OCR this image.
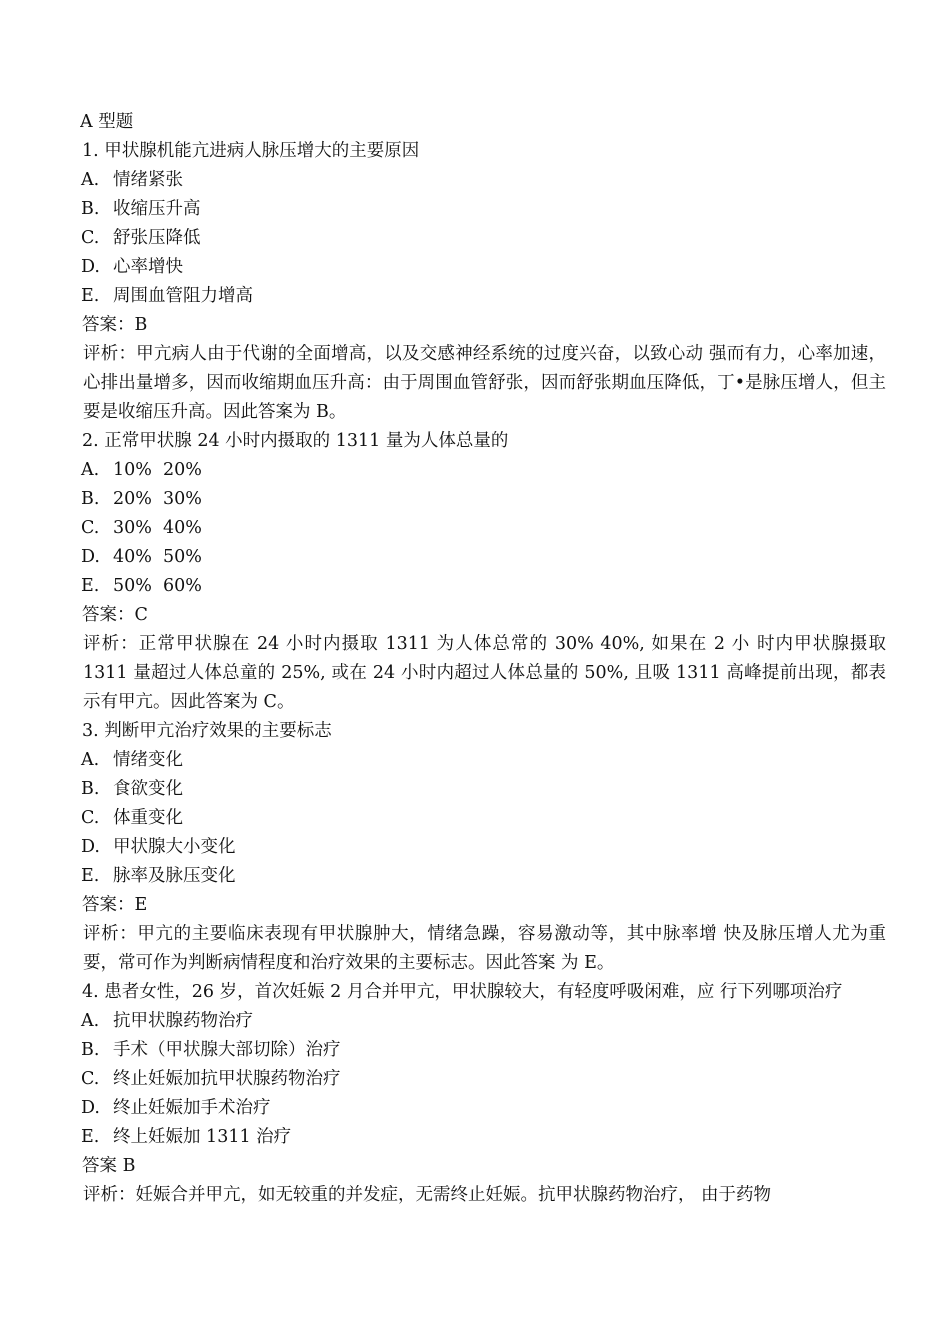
A 型题
1. 甲状腺机能亢进病人脉压增大的主要原因
A. 情绪紧张
B. 收缩压升高
C. 舒张压降低
D. 心率增快
E. 周围血管阻力增高
答案：B
评析：甲亢病人由于代谢的全面增高，以及交感神经系统的过度兴奋，以致心动 强而有力，心率加速，心排出量增多，因而收缩期血压升高：由于周围血管舒张，因而舒张期血压降低，丁•是脉压增人，但主要是收缩压升高。因此答案为 B。
2. 正常甲状腺 24 小时内摄取的 1311 量为人体总量的
A. 10% 20%
B. 20% 30%
C. 30% 40%
D. 40% 50%
E. 50% 60%
答案：C
评析：正常甲状腺在 24 小时内摄取 1311 为人体总常的 30% 40%, 如果在 2 小 时内甲状腺摄取 1311 量超过人体总童的 25%, 或在 24 小时内超过人体总量的 50%, 且吸 1311 高峰提前出现，都表示有甲亢。因此答案为 C。
3. 判断甲亢治疗效果的主要标志
A. 情绪变化
B. 食欲变化
C. 体重变化
D. 甲状腺大小变化
E. 脉率及脉压变化
答案：E
评析：甲亢的主要临床表现有甲状腺肿大，情绪急躁，容易激动等，其中脉率增 快及脉压增人尤为重要，常可作为判断病情程度和治疗效果的主要标志。因此答案 为 E。
4. 患者女性，26 岁，首次妊娠 2 月合并甲亢，甲状腺较大，有轻度呼吸闲难，应 行下列哪项治疗
A. 抗甲状腺药物治疗
B. 手术（甲状腺大部切除）治疗
C. 终止妊娠加抗甲状腺药物治疗
D. 终止妊娠加手术治疗
E. 终上妊娠加 1311 治疗
答案 B
评析：妊娠合并甲亢，如无较重的并发症，无需终止妊娠。抗甲状腺药物治疗， 由于药物
